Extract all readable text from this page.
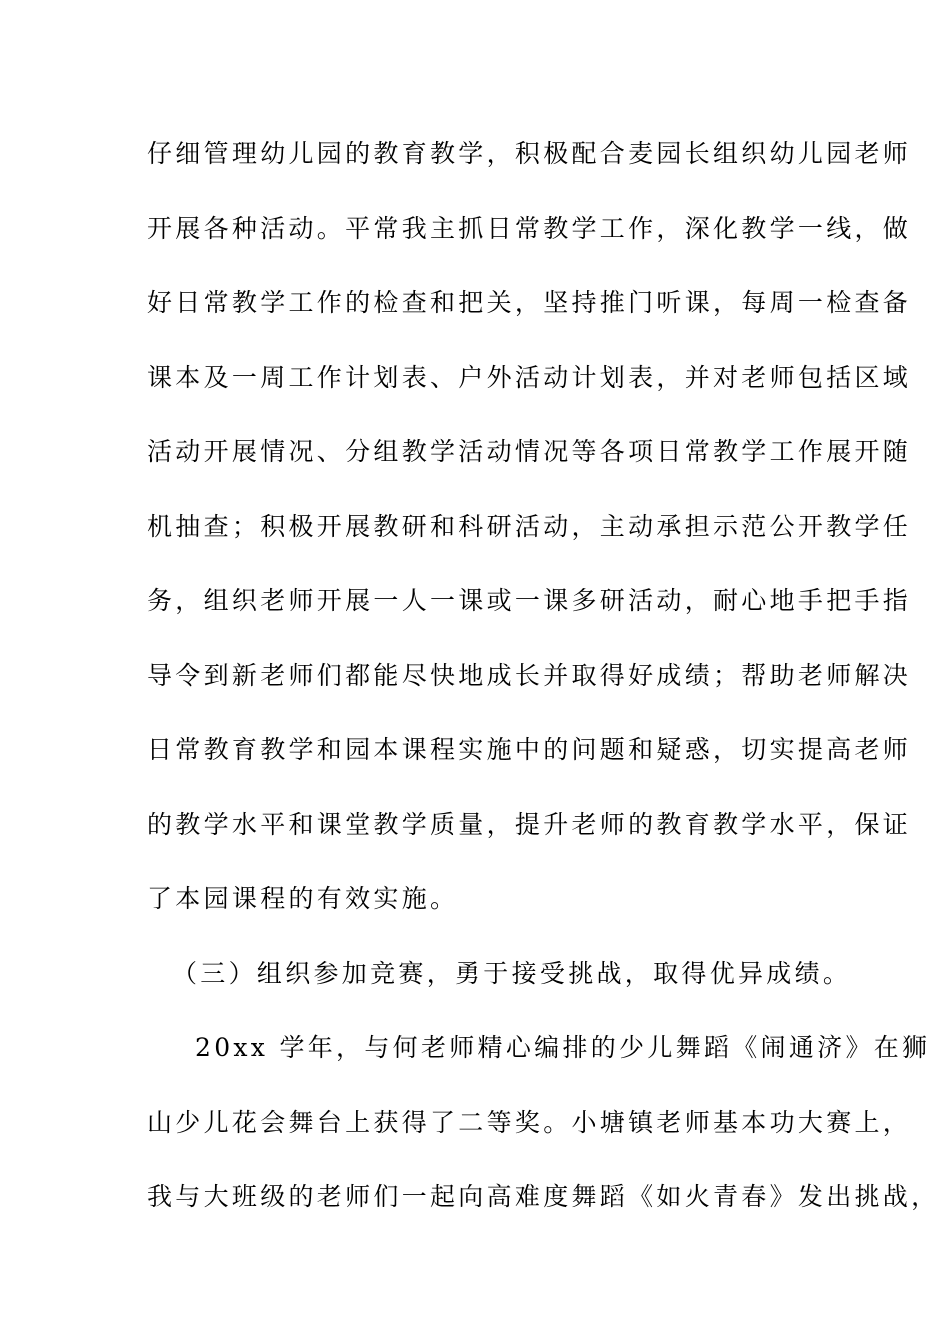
仔细管理幼儿园的教育教学，积极配合麦园长组织幼儿园老师
开展各种活动。平常我主抓日常教学工作，深化教学一线，做
好日常教学工作的检查和把关，坚持推门听课，每周一检查备
课本及一周工作计划表、户外活动计划表，并对老师包括区域
活动开展情况、分组教学活动情况等各项日常教学工作展开随
机抽查；积极开展教研和科研活动，主动承担示范公开教学任
务，组织老师开展一人一课或一课多研活动，耐心地手把手指
导令到新老师们都能尽快地成长并取得好成绩；帮助老师解决
日常教育教学和园本课程实施中的问题和疑惑，切实提高老师
的教学水平和课堂教学质量，提升老师的教育教学水平，保证
了本园课程的有效实施。
（三）组织参加竞赛，勇于接受挑战，取得优异成绩。
20xx 学年，与何老师精心编排的少儿舞蹈《闹通济》在狮
山少儿花会舞台上获得了二等奖。小塘镇老师基本功大赛上，
我与大班级的老师们一起向高难度舞蹈《如火青春》发出挑战，
